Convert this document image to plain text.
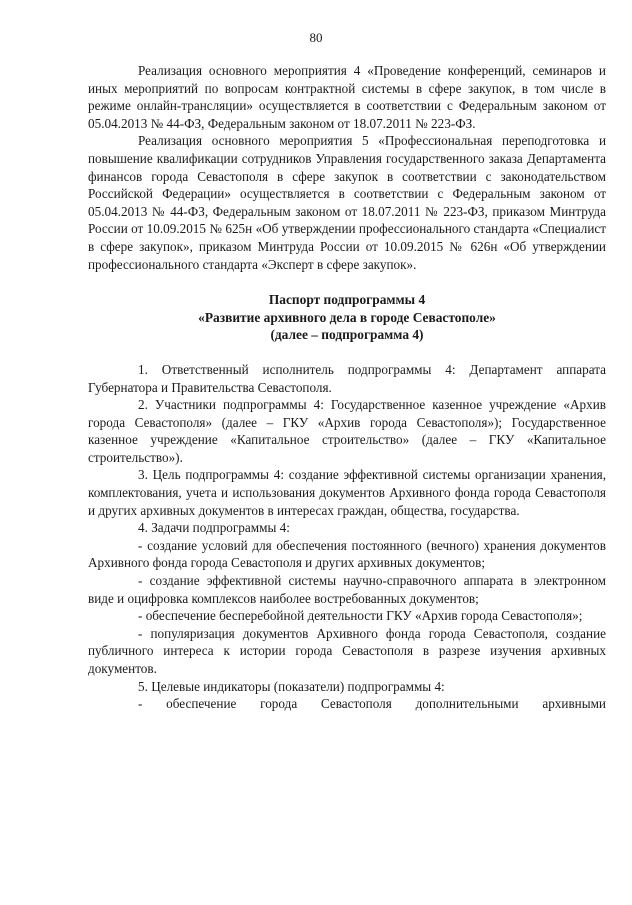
80

Реализация основного мероприятия 4 «Проведение конференций, семинаров и иных мероприятий по вопросам контрактной системы в сфере закупок, в том числе в режиме онлайн-трансляции» осуществляется в соответствии с Федеральным законом от 05.04.2013 № 44-ФЗ, Федеральным законом от 18.07.2011 № 223-ФЗ.

Реализация основного мероприятия 5 «Профессиональная переподготовка и повышение квалификации сотрудников Управления государственного заказа Департамента финансов города Севастополя в сфере закупок в соответствии с законодательством Российской Федерации» осуществляется в соответствии с Федеральным законом от 05.04.2013 № 44-ФЗ, Федеральным законом от 18.07.2011 № 223-ФЗ, приказом Минтруда России от 10.09.2015 № 625н «Об утверждении профессионального стандарта «Специалист в сфере закупок», приказом Минтруда России от 10.09.2015 № 626н «Об утверждении профессионального стандарта «Эксперт в сфере закупок».

Паспорт подпрограммы 4
«Развитие архивного дела в городе Севастополе»
(далее – подпрограмма 4)

1. Ответственный исполнитель подпрограммы 4: Департамент аппарата Губернатора и Правительства Севастополя.

2. Участники подпрограммы 4: Государственное казенное учреждение «Архив города Севастополя» (далее – ГКУ «Архив города Севастополя»); Государственное казенное учреждение «Капитальное строительство» (далее – ГКУ «Капитальное строительство»).

3. Цель подпрограммы 4: создание эффективной системы организации хранения, комплектования, учета и использования документов Архивного фонда города Севастополя и других архивных документов в интересах граждан, общества, государства.

4. Задачи подпрограммы 4:

- создание условий для обеспечения постоянного (вечного) хранения документов Архивного фонда города Севастополя и других архивных документов;

- создание эффективной системы научно-справочного аппарата в электронном виде и оцифровка комплексов наиболее востребованных документов;

- обеспечение бесперебойной деятельности ГКУ «Архив города Севастополя»;

- популяризация документов Архивного фонда города Севастополя, создание публичного интереса к истории города Севастополя в разрезе изучения архивных документов.

5. Целевые индикаторы (показатели) подпрограммы 4:

- обеспечение города Севастополя дополнительными архивными
